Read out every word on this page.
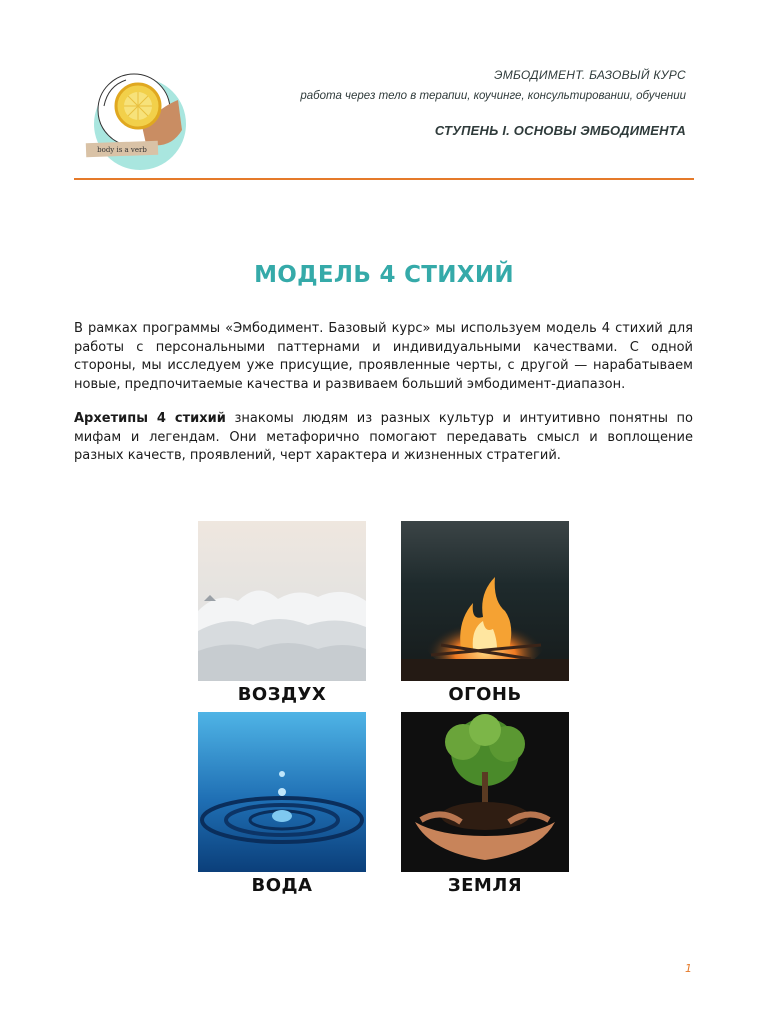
body is a verb
ЭМБОДИМЕНТ. БАЗОВЫЙ КУРС
работа через тело в терапии, коучинге, консультировании, обучении
СТУПЕНЬ I. ОСНОВЫ ЭМБОДИМЕНТА
МОДЕЛЬ 4 СТИХИЙ
В рамках программы «Эмбодимент. Базовый курс» мы используем модель 4 стихий для работы с персональными паттернами и индивидуальными качествами. С одной стороны, мы исследуем уже присущие, проявленные черты, с другой — нарабатываем новые, предпочитаемые качества и развиваем больший эмбодимент-диапазон.
Архетипы 4 стихий знакомы людям из разных культур и интуитивно понятны по мифам и легендам. Они метафорично помогают передавать смысл и воплощение разных качеств, проявлений, черт характера и жизненных стратегий.
ВОЗДУХ	ОГОНЬ
ВОДА	ЗЕМЛЯ
1
